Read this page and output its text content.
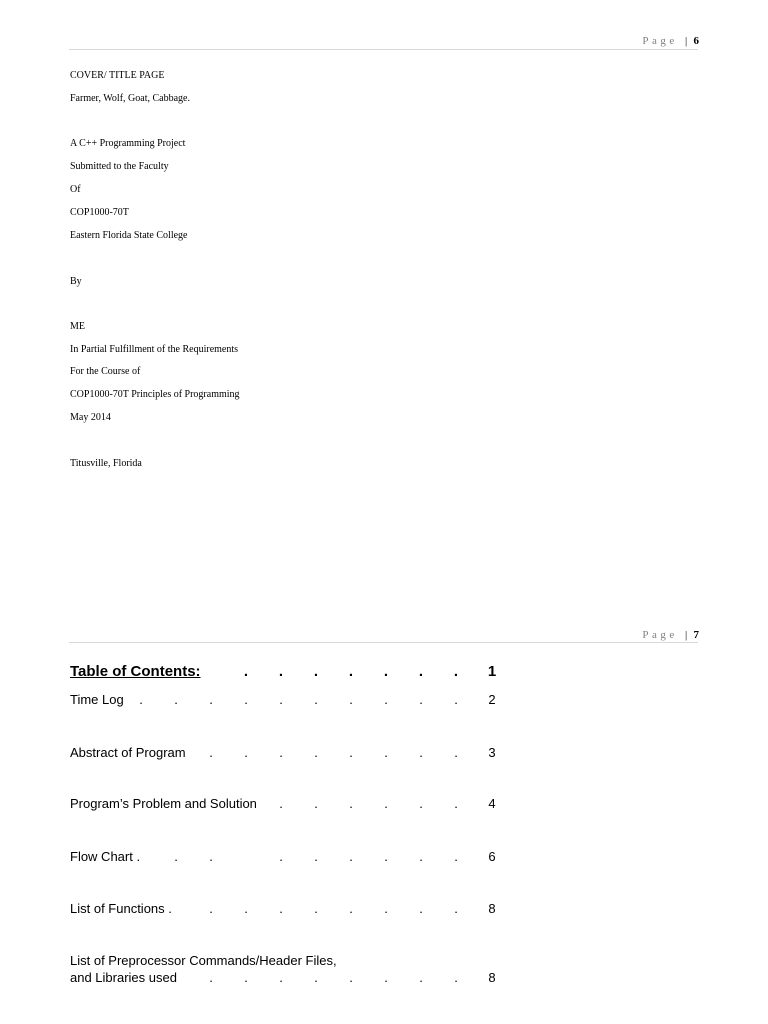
Page | 6
COVER/ TITLE PAGE
Farmer, Wolf, Goat, Cabbage.
A C++ Programming Project
Submitted to the Faculty
Of
COP1000-70T
Eastern Florida State College
By
ME
In Partial Fulfillment of the Requirements
For the Course of
COP1000-70T Principles of Programming
May 2014
Titusville, Florida
Page | 7
Table of Contents:	1
Time Log	2
Abstract of Program	3
Program’s Problem and Solution	4
Flow Chart .	6
List of Functions .	8
List of Preprocessor Commands/Header Files,
and Libraries used	8
. . . . . . .
. . . . . . . . . .
. . . . . . . .
. . . . . .
. .	. . . . . .
. . . . . . . .
. . . . . . . .
